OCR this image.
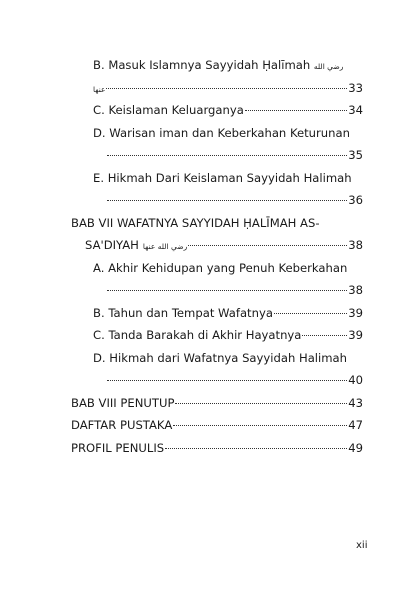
B. Masuk Islamnya Sayyidah Ḥalīmah رضي الله
عنها	33
C. Keislaman Keluarganya	34
D. Warisan iman dan Keberkahan Keturunan
35
E. Hikmah Dari Keislaman Sayyidah Halimah
36
BAB VII WAFATNYA SAYYIDAH ḤALĪMAH AS-
SA'DIYAH رضي الله عنها	38
A. Akhir Kehidupan yang Penuh Keberkahan
38
B. Tahun dan Tempat Wafatnya	39
C. Tanda Barakah di Akhir Hayatnya	39
D. Hikmah dari Wafatnya Sayyidah Halimah
40
BAB VIII PENUTUP	43
DAFTAR PUSTAKA	47
PROFIL PENULIS	49
xii
